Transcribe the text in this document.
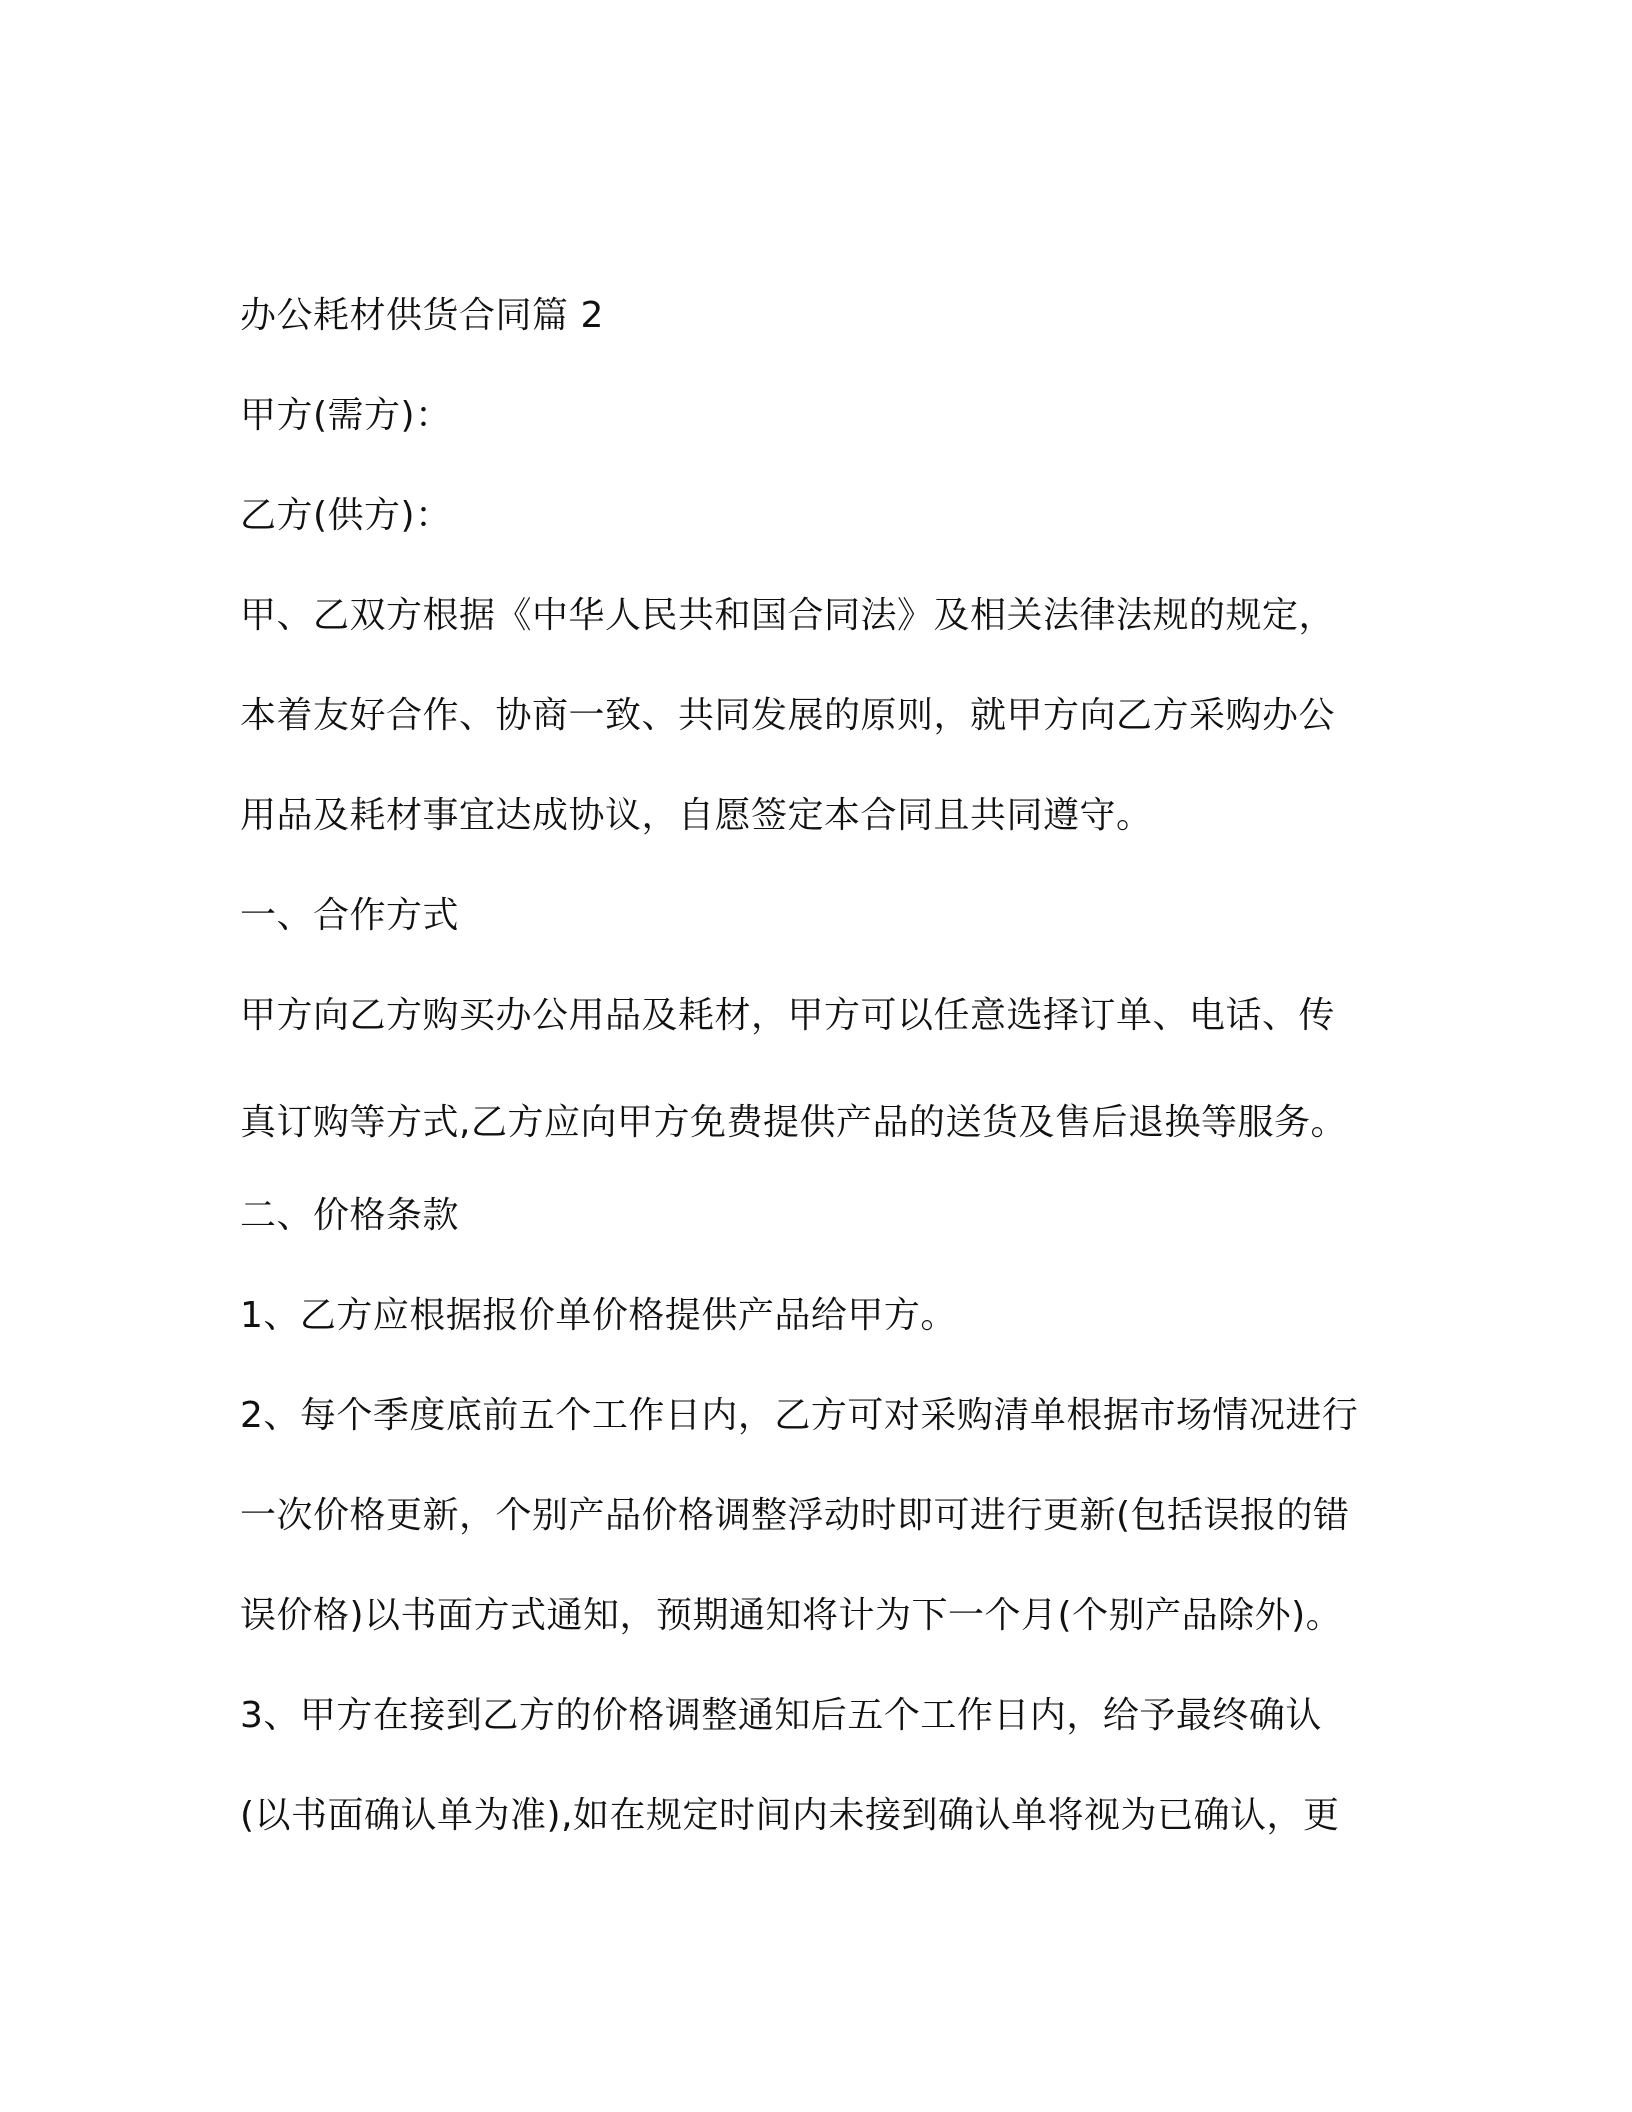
办公耗材供货合同篇 2

甲方(需方)：

乙方(供方)：

甲、乙双方根据《中华人民共和国合同法》及相关法律法规的规定，

本着友好合作、协商一致、共同发展的原则，就甲方向乙方采购办公

用品及耗材事宜达成协议，自愿签定本合同且共同遵守。

一、合作方式

甲方向乙方购买办公用品及耗材，甲方可以任意选择订单、电话、传

真订购等方式,乙方应向甲方免费提供产品的送货及售后退换等服务。

二、价格条款

1、乙方应根据报价单价格提供产品给甲方。

2、每个季度底前五个工作日内，乙方可对采购清单根据市场情况进行

一次价格更新，个别产品价格调整浮动时即可进行更新(包括误报的错

误价格)以书面方式通知，预期通知将计为下一个月(个别产品除外)。

3、甲方在接到乙方的价格调整通知后五个工作日内，给予最终确认

(以书面确认单为准),如在规定时间内未接到确认单将视为已确认，更
